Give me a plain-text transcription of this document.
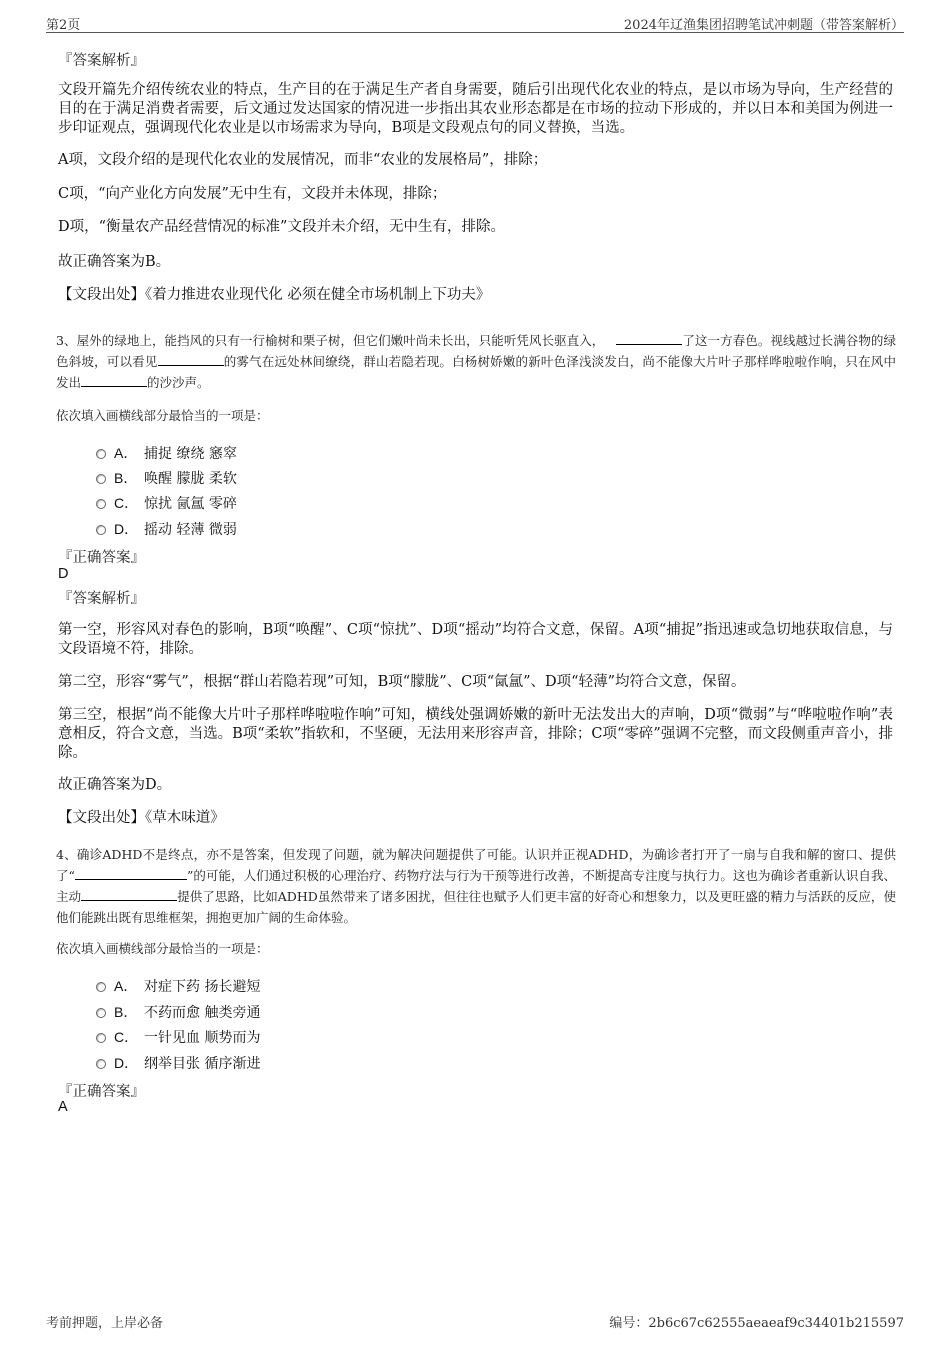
第2页	2024年辽渔集团招聘笔试冲刺题（带答案解析）
『答案解析』
文段开篇先介绍传统农业的特点，生产目的在于满足生产者自身需要，随后引出现代化农业的特点，是以市场为导向，生产经营的目的在于满足消费者需要，后文通过发达国家的情况进一步指出其农业形态都是在市场的拉动下形成的，并以日本和美国为例进一步印证观点，强调现代化农业是以市场需求为导向，B项是文段观点句的同义替换，当选。
A项，文段介绍的是现代化农业的发展情况，而非“农业的发展格局”，排除；
C项，“向产业化方向发展”无中生有，文段并未体现，排除；
D项，“衡量农产品经营情况的标准”文段并未介绍，无中生有，排除。
故正确答案为B。
【文段出处】《着力推进农业现代化 必须在健全市场机制上下功夫》
3、屋外的绿地上，能挡风的只有一行榆树和栗子树，但它们嫩叶尚未长出，只能听凭风长驱直入，	了这一方春色。视线越过长满谷物的绿色斜坡，可以看见	的雾气在远处林间缭绕，群山若隐若现。白杨树娇嫩的新叶色泽浅淡发白，尚不能像大片叶子那样哗啦啦作响，只在风中发出	的沙沙声。
依次填入画横线部分最恰当的一项是：
A． 捕捉 缭绕 窸窣
B． 唤醒 朦胧 柔软
C． 惊扰 氤氲 零碎
D． 摇动 轻薄 微弱
『正确答案』
D
『答案解析』
第一空，形容风对春色的影响，B项“唤醒”、C项“惊扰”、D项“摇动”均符合文意，保留。A项“捕捉”指迅速或急切地获取信息，与文段语境不符，排除。
第二空，形容“雾气”，根据“群山若隐若现”可知，B项“朦胧”、C项“氤氲”、D项“轻薄”均符合文意，保留。
第三空，根据“尚不能像大片叶子那样哗啦啦作响”可知，横线处强调娇嫩的新叶无法发出大的声响，D项“微弱”与“哗啦啦作响”表意相反，符合文意，当选。B项“柔软”指软和，不坚硬，无法用来形容声音，排除；C项“零碎”强调不完整，而文段侧重声音小，排除。
故正确答案为D。
【文段出处】《草木味道》
4、确诊ADHD不是终点，亦不是答案，但发现了问题，就为解决问题提供了可能。认识并正视ADHD，为确诊者打开了一扇与自我和解的窗口、提供了“	”的可能，人们通过积极的心理治疗、药物疗法与行为干预等进行改善，不断提高专注度与执行力。这也为确诊者重新认识自我、主动	提供了思路，比如ADHD虽然带来了诸多困扰，但往往也赋予人们更丰富的好奇心和想象力，以及更旺盛的精力与活跃的反应，使他们能跳出既有思维框架，拥抱更加广阔的生命体验。
依次填入画横线部分最恰当的一项是：
A． 对症下药 扬长避短
B． 不药而愈 触类旁通
C． 一针见血 顺势而为
D． 纲举目张 循序渐进
『正确答案』
A
考前押题，上岸必备	编号：2b6c67c62555aeaeaf9c34401b215597
